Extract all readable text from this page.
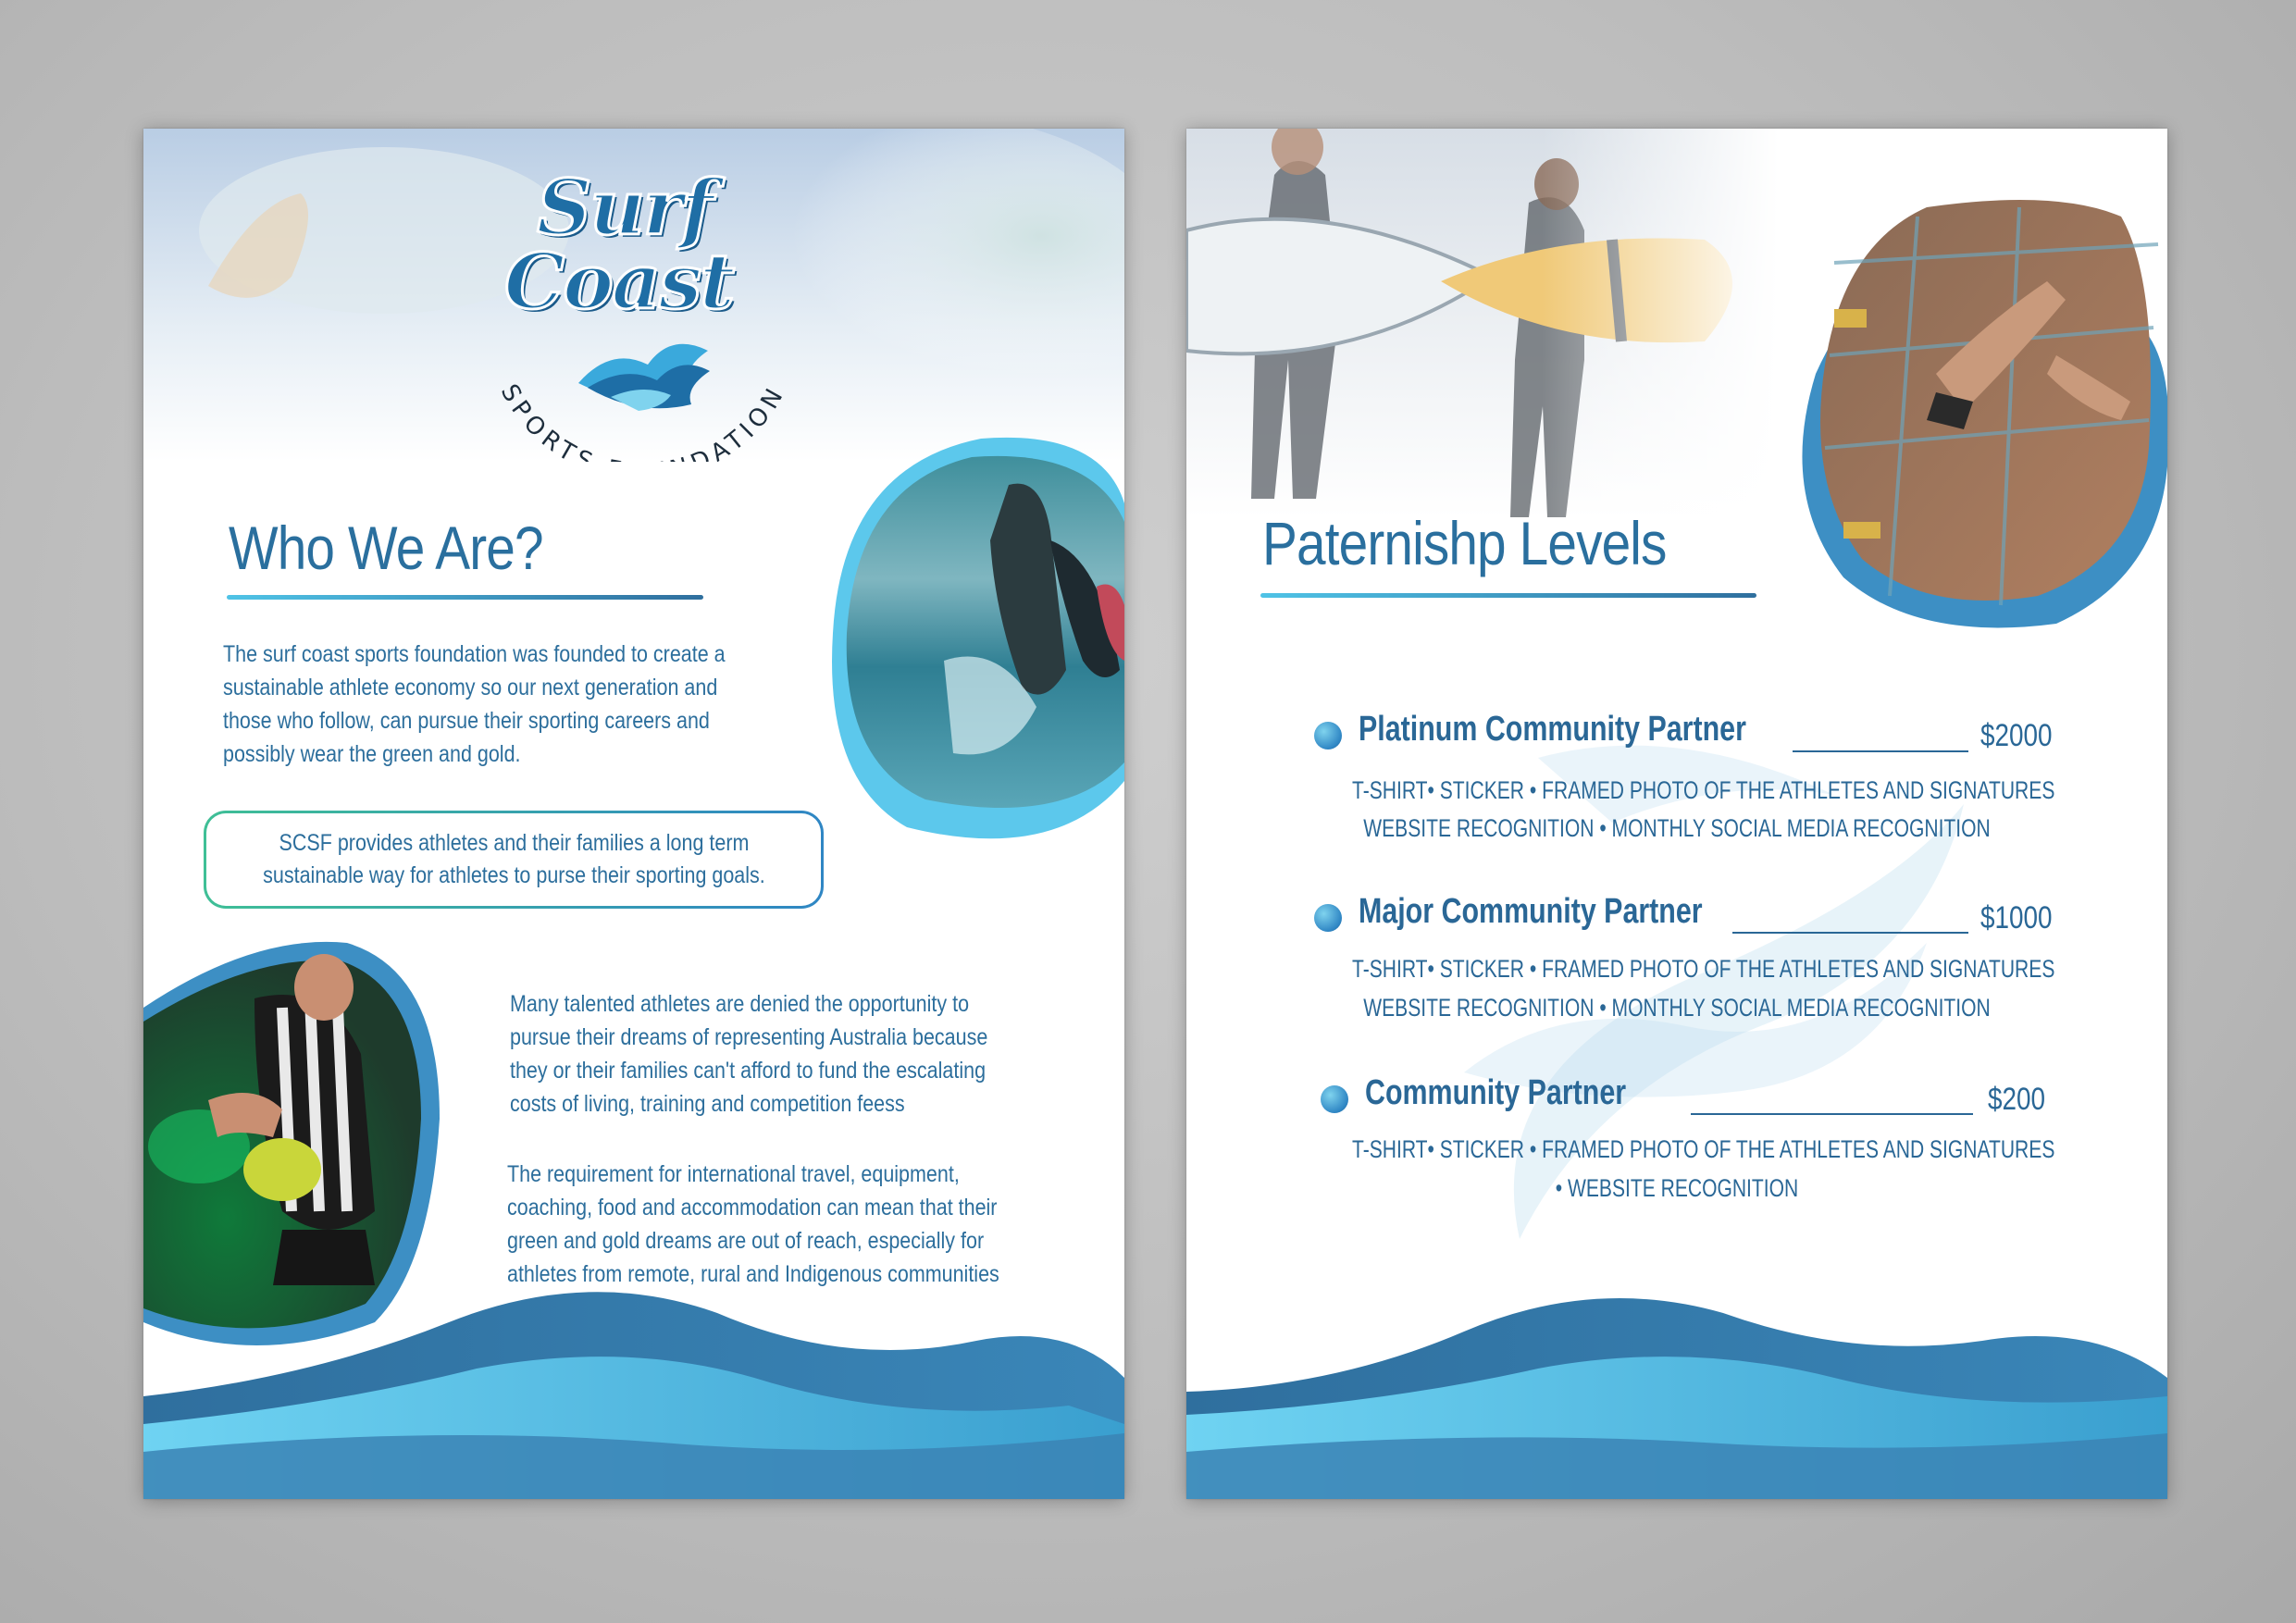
SPORTS DATION
Surf
Coast
Who We Are?
The surf coast sports foundation was founded to create a
sustainable athlete economy so our next generation and
those who follow, can pursue their sporting careers and
possibly wear the green and gold.
SCSF provides athletes and their families a long term
sustainable way for athletes to purse their sporting goals.
Many talented athletes are denied the opportunity to
pursue their dreams of representing Australia because
they or their families can't afford to fund the escalating
costs of living, training and competition feess
The requirement for international travel, equipment,
coaching, food and accommodation can mean that their
green and gold dreams are out of reach, especially for
athletes from remote, rural and Indigenous communities
Paternishp Levels
Platinum Community Partner	$2000
T-SHIRT• STICKER • FRAMED PHOTO OF THE ATHLETES AND SIGNATURES
WEBSITE RECOGNITION • MONTHLY SOCIAL MEDIA RECOGNITION
Major Community Partner	$1000
T-SHIRT• STICKER • FRAMED PHOTO OF THE ATHLETES AND SIGNATURES
WEBSITE RECOGNITION • MONTHLY SOCIAL MEDIA RECOGNITION
Community Partner	$200
T-SHIRT• STICKER • FRAMED PHOTO OF THE ATHLETES AND SIGNATURES
• WEBSITE RECOGNITION
